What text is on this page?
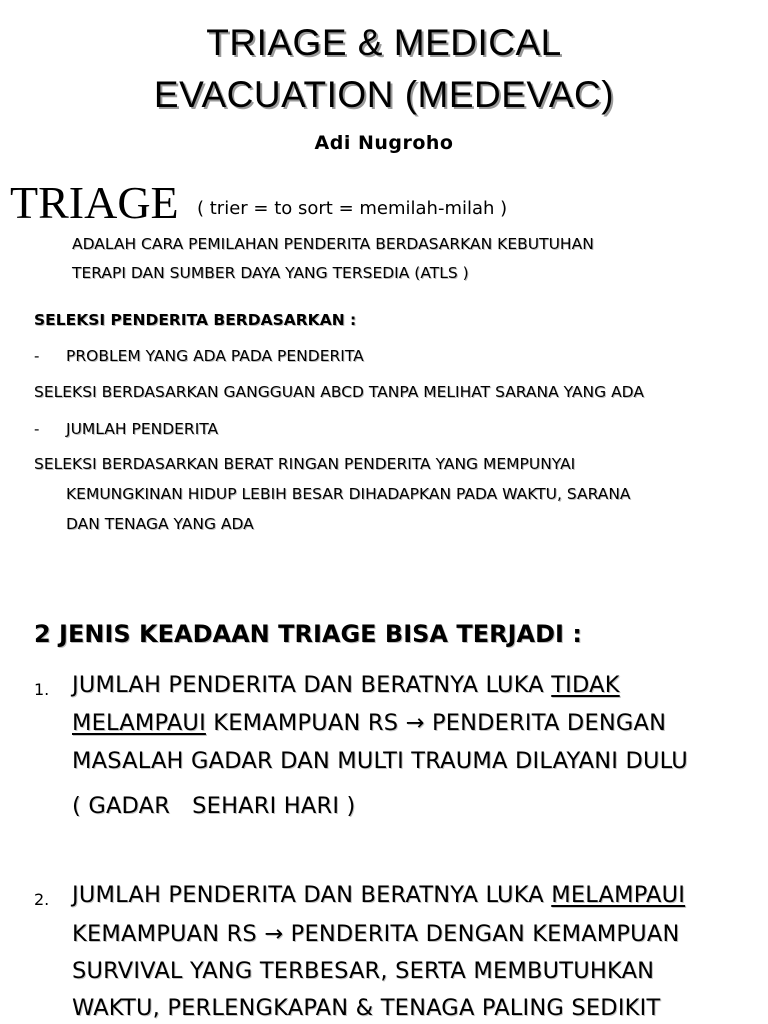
TRIAGE & MEDICAL
EVACUATION (MEDEVAC)
Adi Nugroho
TRIAGE ( trier = to sort = memilah-milah )
ADALAH CARA PEMILAHAN PENDERITA BERDASARKAN KEBUTUHAN
TERAPI DAN SUMBER DAYA YANG TERSEDIA (ATLS )
SELEKSI PENDERITA BERDASARKAN :
- PROBLEM YANG ADA PADA PENDERITA
SELEKSI BERDASARKAN GANGGUAN ABCD TANPA MELIHAT SARANA YANG ADA
- JUMLAH PENDERITA
SELEKSI BERDASARKAN BERAT RINGAN PENDERITA YANG MEMPUNYAI
KEMUNGKINAN HIDUP LEBIH BESAR DIHADAPKAN PADA WAKTU, SARANA
DAN TENAGA YANG ADA
2 JENIS KEADAAN TRIAGE BISA TERJADI :
1. JUMLAH PENDERITA DAN BERATNYA LUKA TIDAK
MELAMPAUI KEMAMPUAN RS → PENDERITA DENGAN
MASALAH GADAR DAN MULTI TRAUMA DILAYANI DULU
( GADAR   SEHARI HARI )
2. JUMLAH PENDERITA DAN BERATNYA LUKA MELAMPAUI
KEMAMPUAN RS → PENDERITA DENGAN KEMAMPUAN
SURVIVAL YANG TERBESAR, SERTA MEMBUTUHKAN
WAKTU, PERLENGKAPAN & TENAGA PALING SEDIKIT
